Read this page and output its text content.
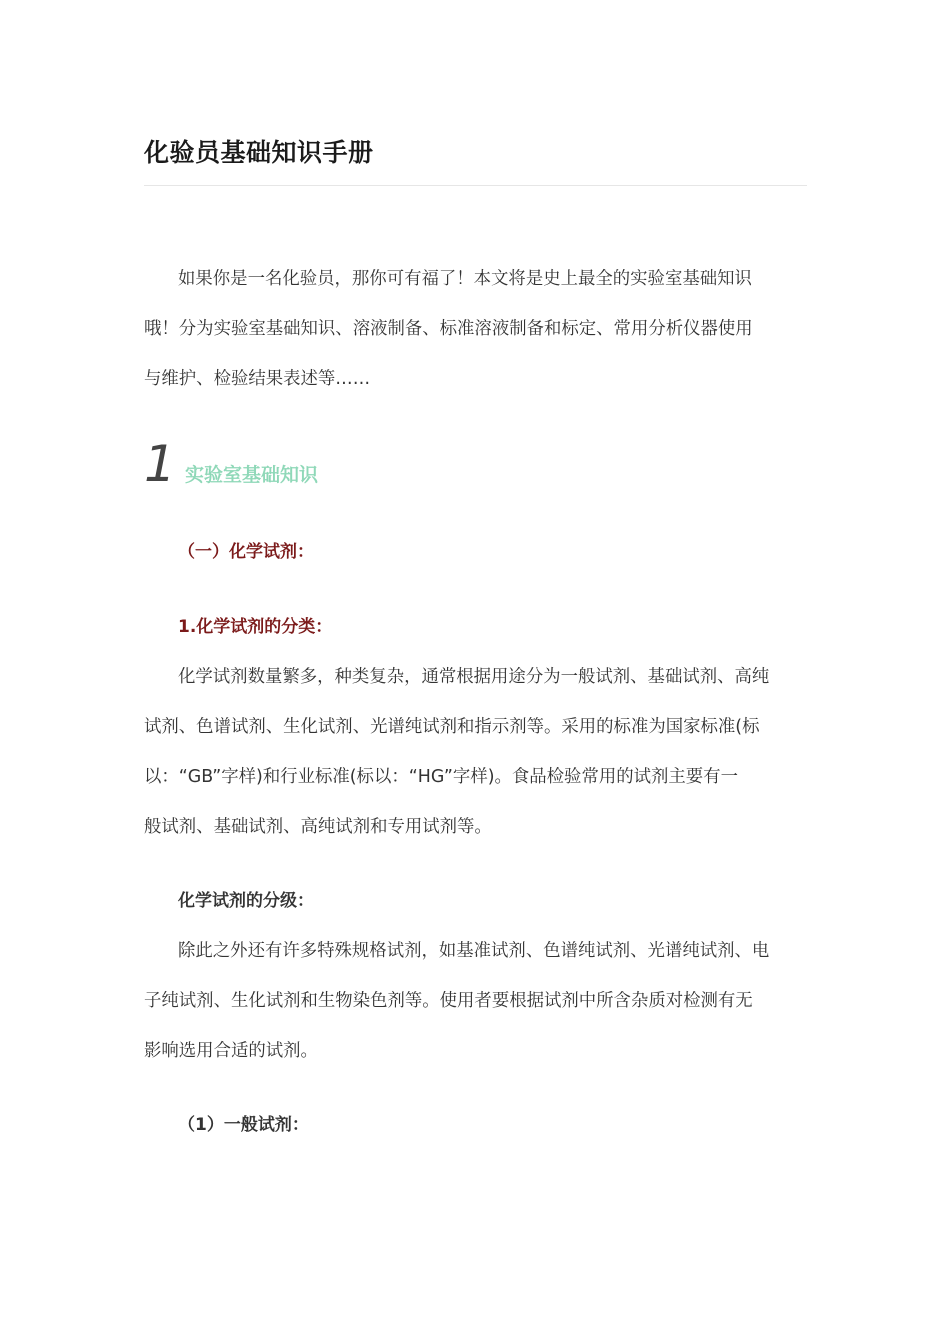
化验员基础知识手册

如果你是一名化验员，那你可有福了！本文将是史上最全的实验室基础知识
哦！分为实验室基础知识、溶液制备、标准溶液制备和标定、常用分析仪器使用
与维护、检验结果表述等……

1 实验室基础知识
（一）化学试剂：
1.化学试剂的分类：

化学试剂数量繁多，种类复杂，通常根据用途分为一般试剂、基础试剂、高纯
试剂、色谱试剂、生化试剂、光谱纯试剂和指示剂等。采用的标准为国家标准(标
以：“GB”字样)和行业标准(标以：“HG”字样)。食品检验常用的试剂主要有一
般试剂、基础试剂、高纯试剂和专用试剂等。

化学试剂的分级：

除此之外还有许多特殊规格试剂，如基准试剂、色谱纯试剂、光谱纯试剂、电
子纯试剂、生化试剂和生物染色剂等。使用者要根据试剂中所含杂质对检测有无
影响选用合适的试剂。

（1）一般试剂：
